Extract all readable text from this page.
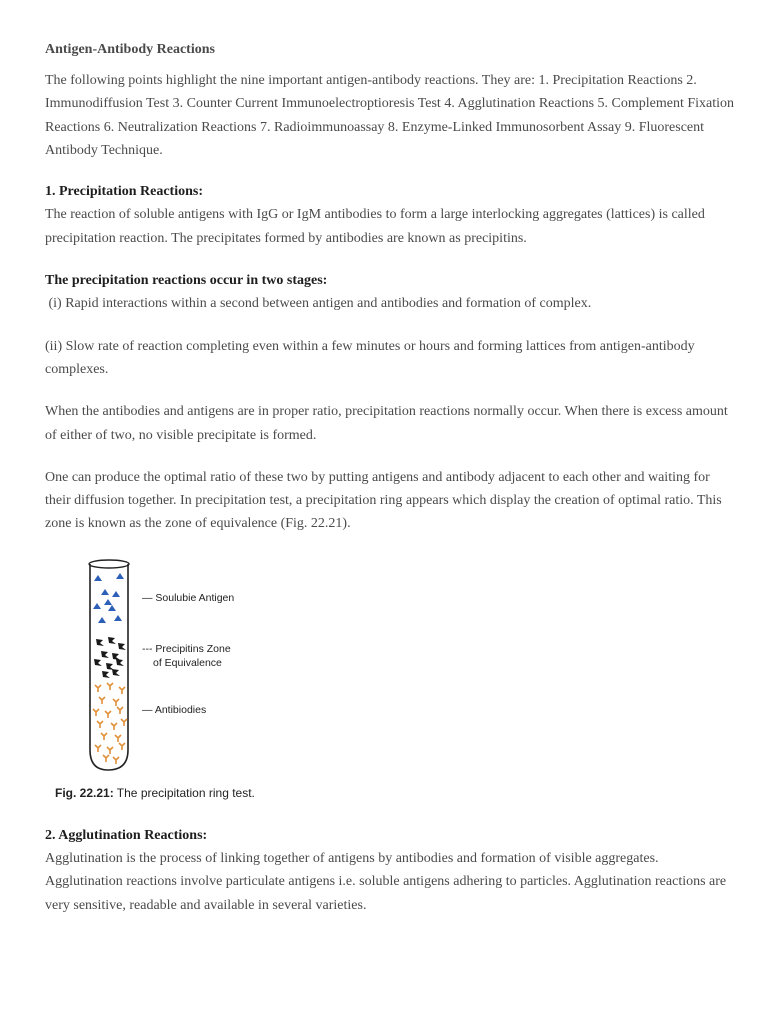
Antigen-Antibody Reactions

The following points highlight the nine important antigen-antibody reactions. They are: 1. Precipitation Reactions 2. Immunodiffusion Test 3. Counter Current Immunoelectroptioresis Test 4. Agglutination Reactions 5. Complement Fixation Reactions 6. Neutralization Reactions 7. Radioimmunoassay 8. Enzyme-Linked Immunosorbent Assay 9. Fluorescent Antibody Technique.

1. Precipitation Reactions:

The reaction of soluble antigens with IgG or IgM antibodies to form a large interlocking aggregates (lattices) is called precipitation reaction. The precipitates formed by antibodies are known as precipitins.

The precipitation reactions occur in two stages:

(i) Rapid interactions within a second between antigen and antibodies and formation of complex.

(ii) Slow rate of reaction completing even within a few minutes or hours and forming lattices from antigen-antibody complexes.

When the antibodies and antigens are in proper ratio, precipitation reactions normally occur. When there is excess amount of either of two, no visible precipitate is formed.

One can produce the optimal ratio of these two by putting antigens and antibody adjacent to each other and waiting for their diffusion together. In precipitation test, a precipitation ring appears which display the creation of optimal ratio. This zone is known as the zone of equivalence (Fig. 22.21).

— Soulubie Antigen
--- Precipitins Zone
of Equivalence
— Antibiodies
Fig. 22.21: The precipitation ring test.
2. Agglutination Reactions:

Agglutination is the process of linking together of antigens by antibodies and formation of visible aggregates. Agglutination reactions involve particulate antigens i.e. soluble antigens adhering to particles. Agglutination reactions are very sensitive, readable and available in several varieties.
